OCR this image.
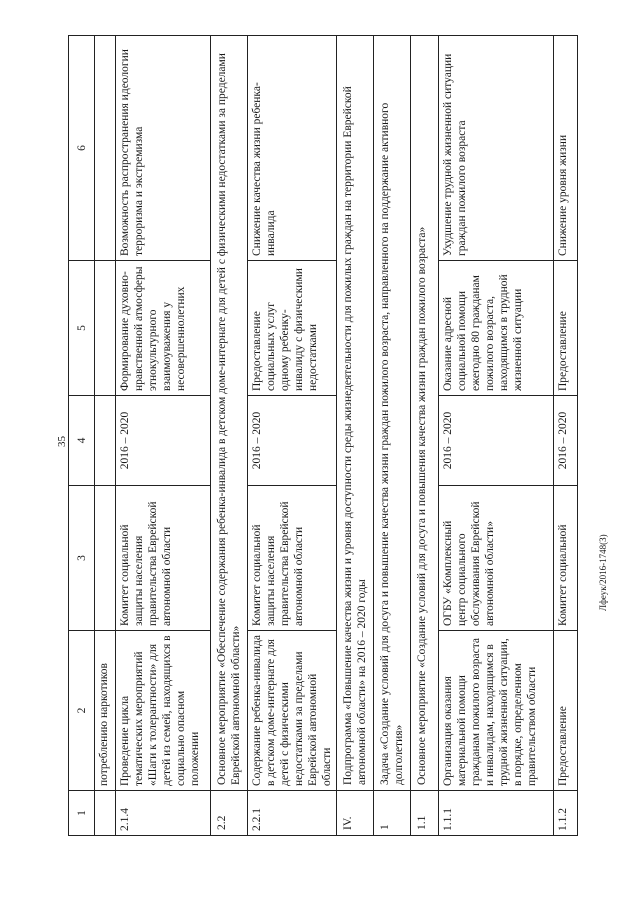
35
Лфеук/2016-1748(З)
1	2	3	4	5	6
	потреблению наркотиков				
2.1.4	Проведение цикла тематических мероприятий «Шаги к толерантности» для детей из семей, находящихся в социально опасном положении	Комитет социальной защиты населения правительства Еврейской автономной области	2016 – 2020	Формирование духовно-нравственной атмосферы этнокультурного взаимоуважения у несовершеннолетних	Возможность распространения идеологии терроризма и экстремизма
2.2	Основное мероприятие «Обеспечение содержания ребенка-инвалида в детском доме-интернате для детей с физическими недостатками за пределами Еврейской автономной области»				
2.2.1	Содержание ребенка-инвалида в детском доме-интернате для детей с физическими недостатками за пределами Еврейской автономной области	Комитет социальной защиты населения правительства Еврейской автономной области	2016 – 2020	Предоставление социальных услуг одному ребенку-инвалиду с физическими недостатками	Снижение качества жизни ребенка-инвалида
IV.	Подпрограмма «Повышение качества жизни и уровня доступности среды жизнедеятельности для пожилых граждан на территории Еврейской автономной области» на 2016 – 2020 годы				
1	Задача «Создание условий для досуга и повышение качества жизни граждан пожилого возраста, направленного на поддержание активного долголетия»				
1.1	Основное мероприятие «Создание условий для досуга и повышения качества жизни граждан пожилого возраста»				
1.1.1	Организация оказания материальной помощи гражданам пожилого возраста и инвалидам, находящимся в трудной жизненной ситуации, в порядке, определенном правительством области	ОГБУ «Комплексный центр социального обслуживания Еврейской автономной области»	2016 – 2020	Оказание адресной социальной помощи ежегодно 80 гражданам пожилого возраста, находящимся в трудной жизненной ситуации	Ухудшение трудной жизненной ситуации граждан пожилого возраста
1.1.2	Предоставление	Комитет социальной	2016 – 2020	Предоставление	Снижение уровня жизни
